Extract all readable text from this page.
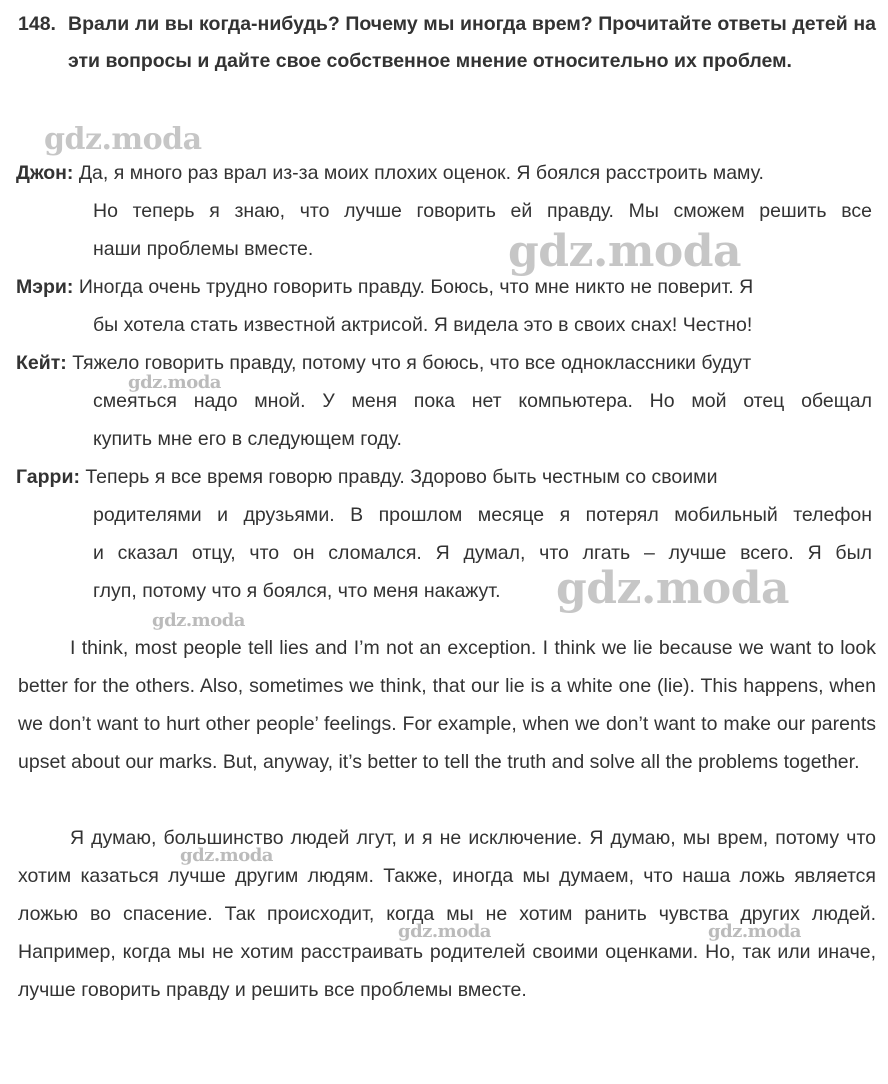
148. Врали ли вы когда-нибудь? Почему мы иногда врем? Прочитайте ответы детей на эти вопросы и дайте свое собственное мнение относительно их проблем.
Джон: Да, я много раз врал из-за моих плохих оценок. Я боялся расстроить маму.
Но теперь я знаю, что лучше говорить ей правду. Мы сможем решить все
наши проблемы вместе.
Мэри: Иногда очень трудно говорить правду. Боюсь, что мне никто не поверит. Я
бы хотела стать известной актрисой. Я видела это в своих снах! Честно!
Кейт: Тяжело говорить правду, потому что я боюсь, что все одноклассники будут
смеяться надо мной. У меня пока нет компьютера. Но мой отец обещал
купить мне его в следующем году.
Гарри: Теперь я все время говорю правду. Здорово быть честным со своими
родителями и друзьями. В прошлом месяце я потерял мобильный телефон
и сказал отцу, что он сломался. Я думал, что лгать – лучше всего. Я был
глуп, потому что я боялся, что меня накажут.
I think, most people tell lies and I’m not an exception. I think we lie because we want to look better for the others. Also, sometimes we think, that our lie is a white one (lie). This happens, when we don’t want to hurt other people’ feelings. For example, when we don’t want to make our parents upset about our marks. But, anyway, it’s better to tell the truth and solve all the problems together.
Я думаю, большинство людей лгут, и я не исключение. Я думаю, мы врем, потому что хотим казаться лучше другим людям. Также, иногда мы думаем, что наша ложь является ложью во спасение. Так происходит, когда мы не хотим ранить чувства других людей. Например, когда мы не хотим расстраивать родителей своими оценками. Но, так или иначе, лучше говорить правду и решить все проблемы вместе.
gdz.moda
gdz.moda
gdz.moda
gdz.moda
gdz.moda
gdz.moda
gdz.moda	gdz.moda
